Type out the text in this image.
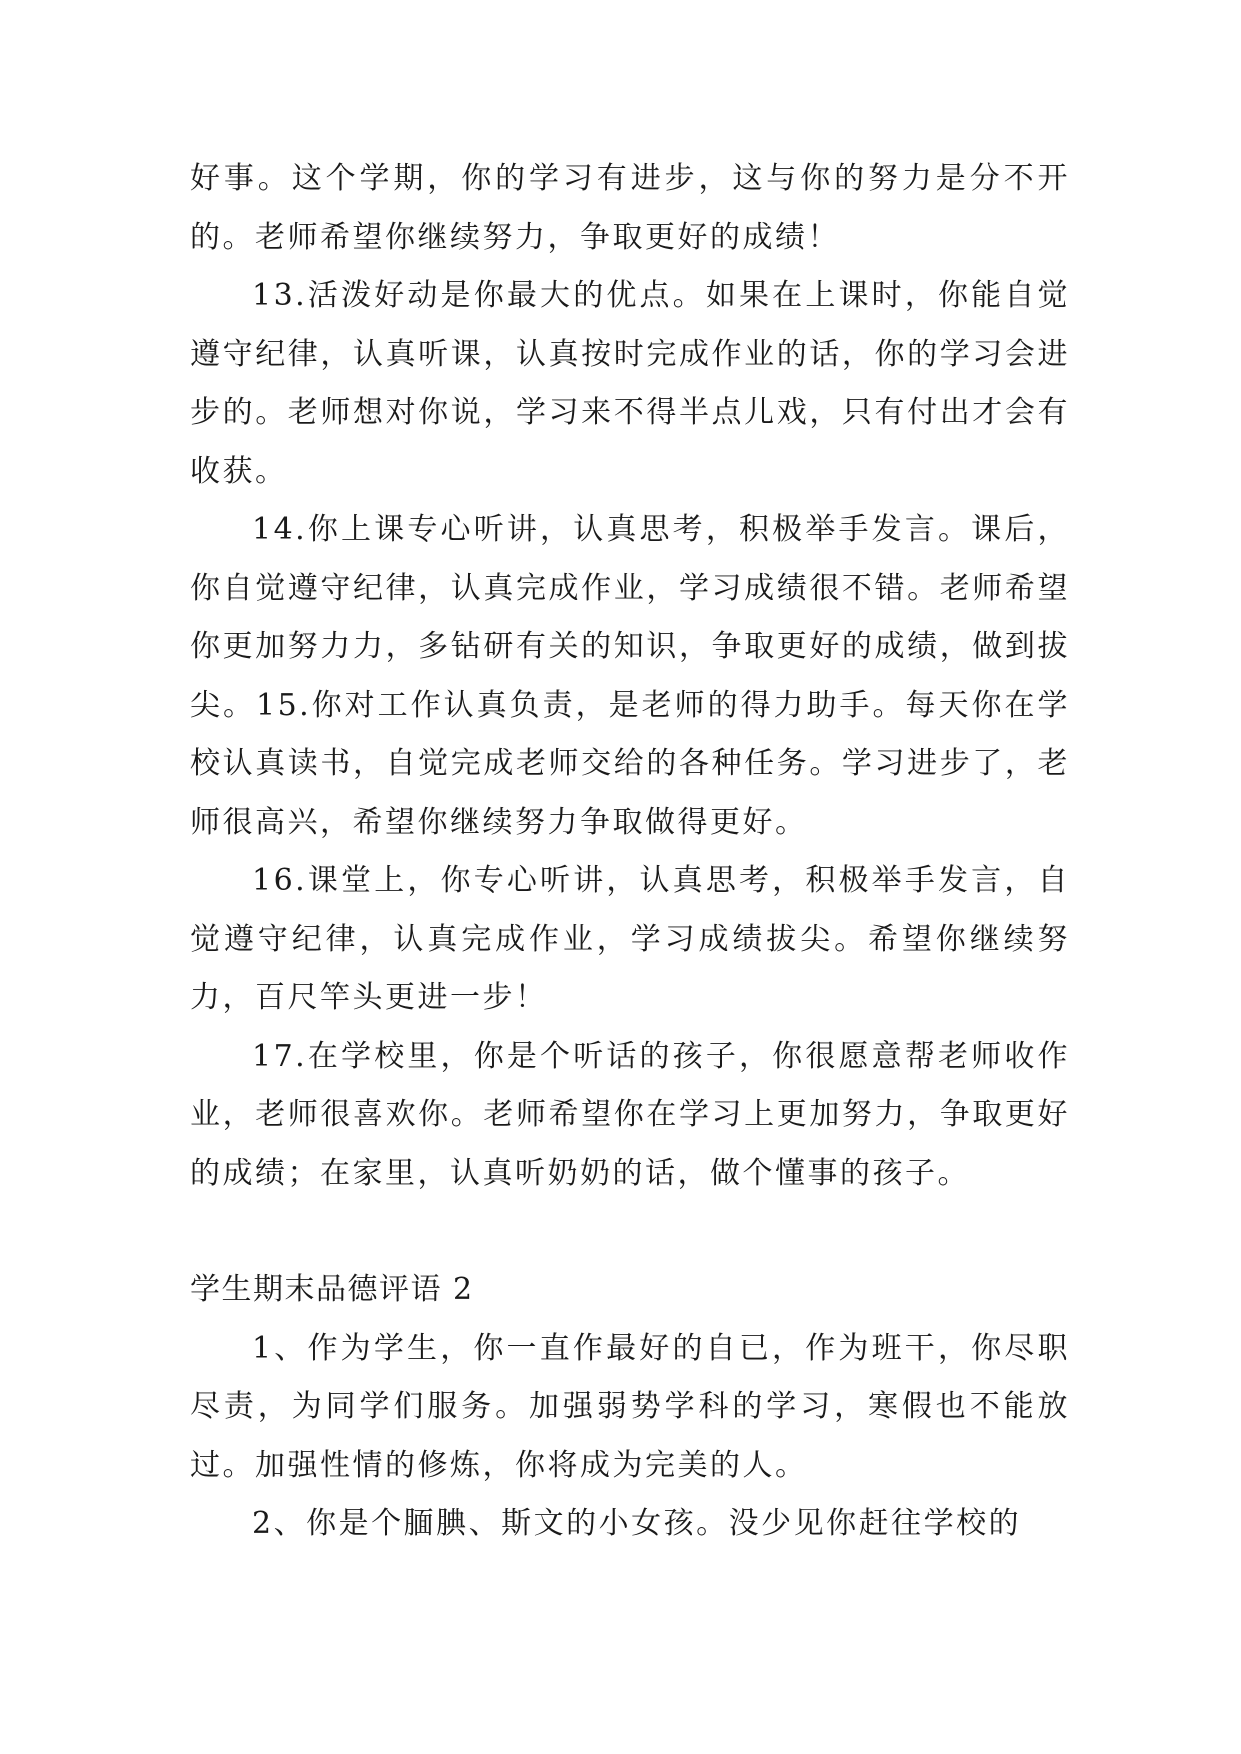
好事。这个学期，你的学习有进步，这与你的努力是分不开的。老师希望你继续努力，争取更好的成绩！

13.活泼好动是你最大的优点。如果在上课时，你能自觉遵守纪律，认真听课，认真按时完成作业的话，你的学习会进步的。老师想对你说，学习来不得半点儿戏，只有付出才会有收获。

14.你上课专心听讲，认真思考，积极举手发言。课后，你自觉遵守纪律，认真完成作业，学习成绩很不错。老师希望你更加努力力，多钻研有关的知识，争取更好的成绩，做到拔尖。15.你对工作认真负责，是老师的得力助手。每天你在学校认真读书，自觉完成老师交给的各种任务。学习进步了，老师很高兴，希望你继续努力争取做得更好。

16.课堂上，你专心听讲，认真思考，积极举手发言，自觉遵守纪律，认真完成作业，学习成绩拔尖。希望你继续努力，百尺竿头更进一步！

17.在学校里，你是个听话的孩子，你很愿意帮老师收作业，老师很喜欢你。老师希望你在学习上更加努力，争取更好的成绩；在家里，认真听奶奶的话，做个懂事的孩子。

学生期末品德评语 2

1、作为学生，你一直作最好的自已，作为班干，你尽职尽责，为同学们服务。加强弱势学科的学习，寒假也不能放过。加强性情的修炼，你将成为完美的人。

2、你是个腼腆、斯文的小女孩。没少见你赶往学校的
